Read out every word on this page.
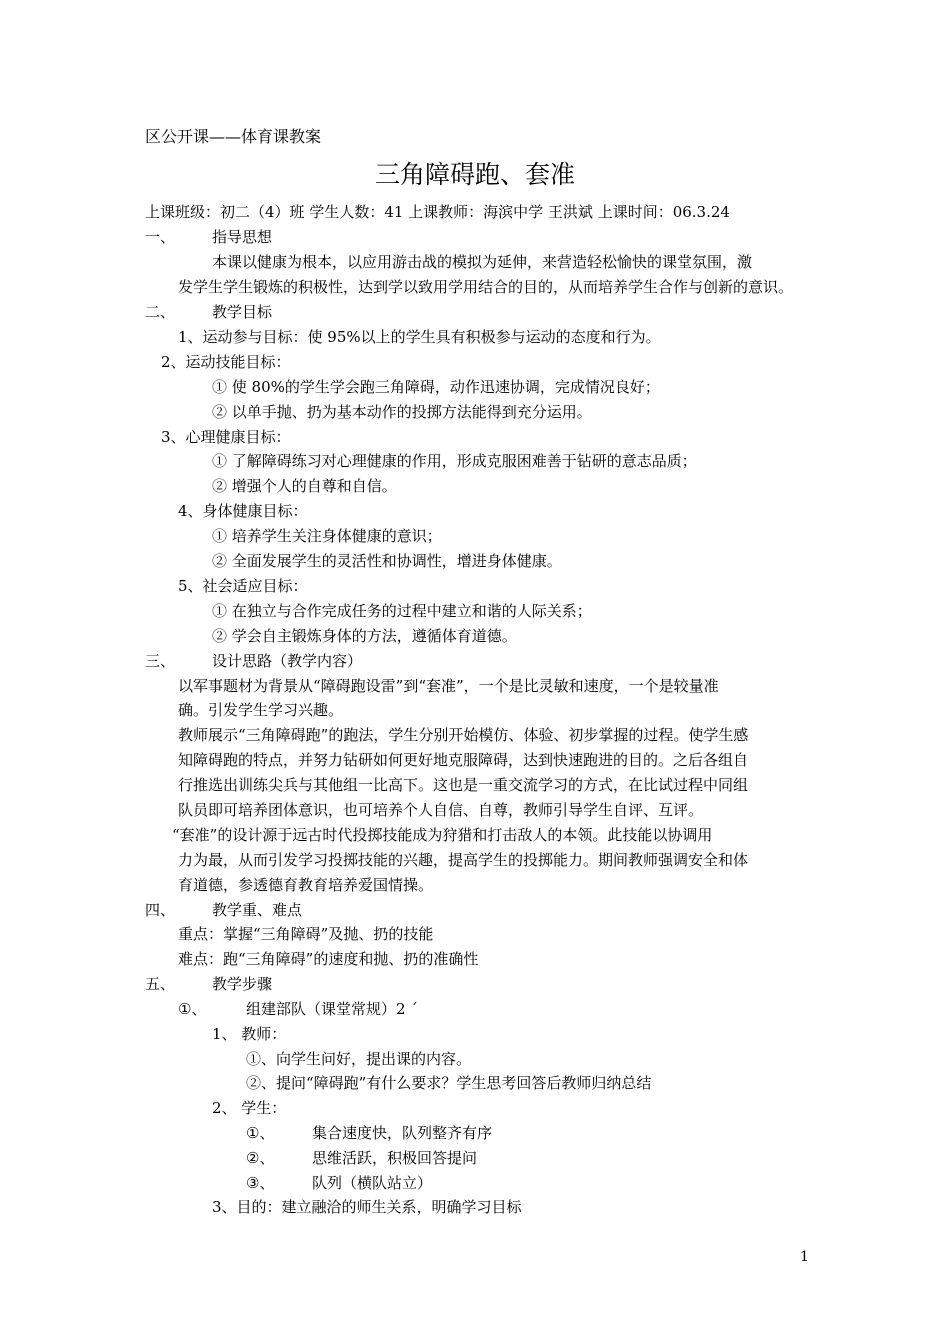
区公开课——体育课教案
三角障碍跑、套准
上课班级：初二（4）班 学生人数：41 上课教师：海滨中学 王洪斌 上课时间：06.3.24
一、 指导思想
本课以健康为根本，以应用游击战的模拟为延伸，来营造轻松愉快的课堂氛围，激
发学生学生锻炼的积极性，达到学以致用学用结合的目的，从而培养学生合作与创新的意识。
二、 教学目标
1、运动参与目标：使 95%以上的学生具有积极参与运动的态度和行为。
2、运动技能目标：
① 使 80%的学生学会跑三角障碍，动作迅速协调，完成情况良好；
② 以单手抛、扔为基本动作的投掷方法能得到充分运用。
3、心理健康目标：
① 了解障碍练习对心理健康的作用，形成克服困难善于钻研的意志品质；
② 增强个人的自尊和自信。
4、身体健康目标：
① 培养学生关注身体健康的意识；
② 全面发展学生的灵活性和协调性，增进身体健康。
5、社会适应目标：
① 在独立与合作完成任务的过程中建立和谐的人际关系；
② 学会自主锻炼身体的方法，遵循体育道德。
三、 设计思路（教学内容）
以军事题材为背景从“障碍跑设雷”到“套准”，一个是比灵敏和速度，一个是较量准
确。引发学生学习兴趣。
教师展示“三角障碍跑”的跑法，学生分别开始模仿、体验、初步掌握的过程。使学生感
知障碍跑的特点，并努力钻研如何更好地克服障碍，达到快速跑进的目的。之后各组自
行推选出训练尖兵与其他组一比高下。这也是一重交流学习的方式，在比试过程中同组
队员即可培养团体意识，也可培养个人自信、自尊，教师引导学生自评、互评。
“套准”的设计源于远古时代投掷技能成为狩猎和打击敌人的本领。此技能以协调用
力为最，从而引发学习投掷技能的兴趣，提高学生的投掷能力。期间教师强调安全和体
育道德，参透德育教育培养爱国情操。
四、 教学重、难点
重点：掌握“三角障碍”及抛、扔的技能
难点：跑“三角障碍”的速度和抛、扔的准确性
五、 教学步骤
①、	组建部队（课堂常规）2 ´
1、 教师：
①、向学生问好，提出课的内容。
②、提问“障碍跑”有什么要求？学生思考回答后教师归纳总结
2、 学生：
①、	集合速度快，队列整齐有序
②、	思维活跃，积极回答提问
③、	队列（横队站立）
3、目的：建立融洽的师生关系，明确学习目标
1
